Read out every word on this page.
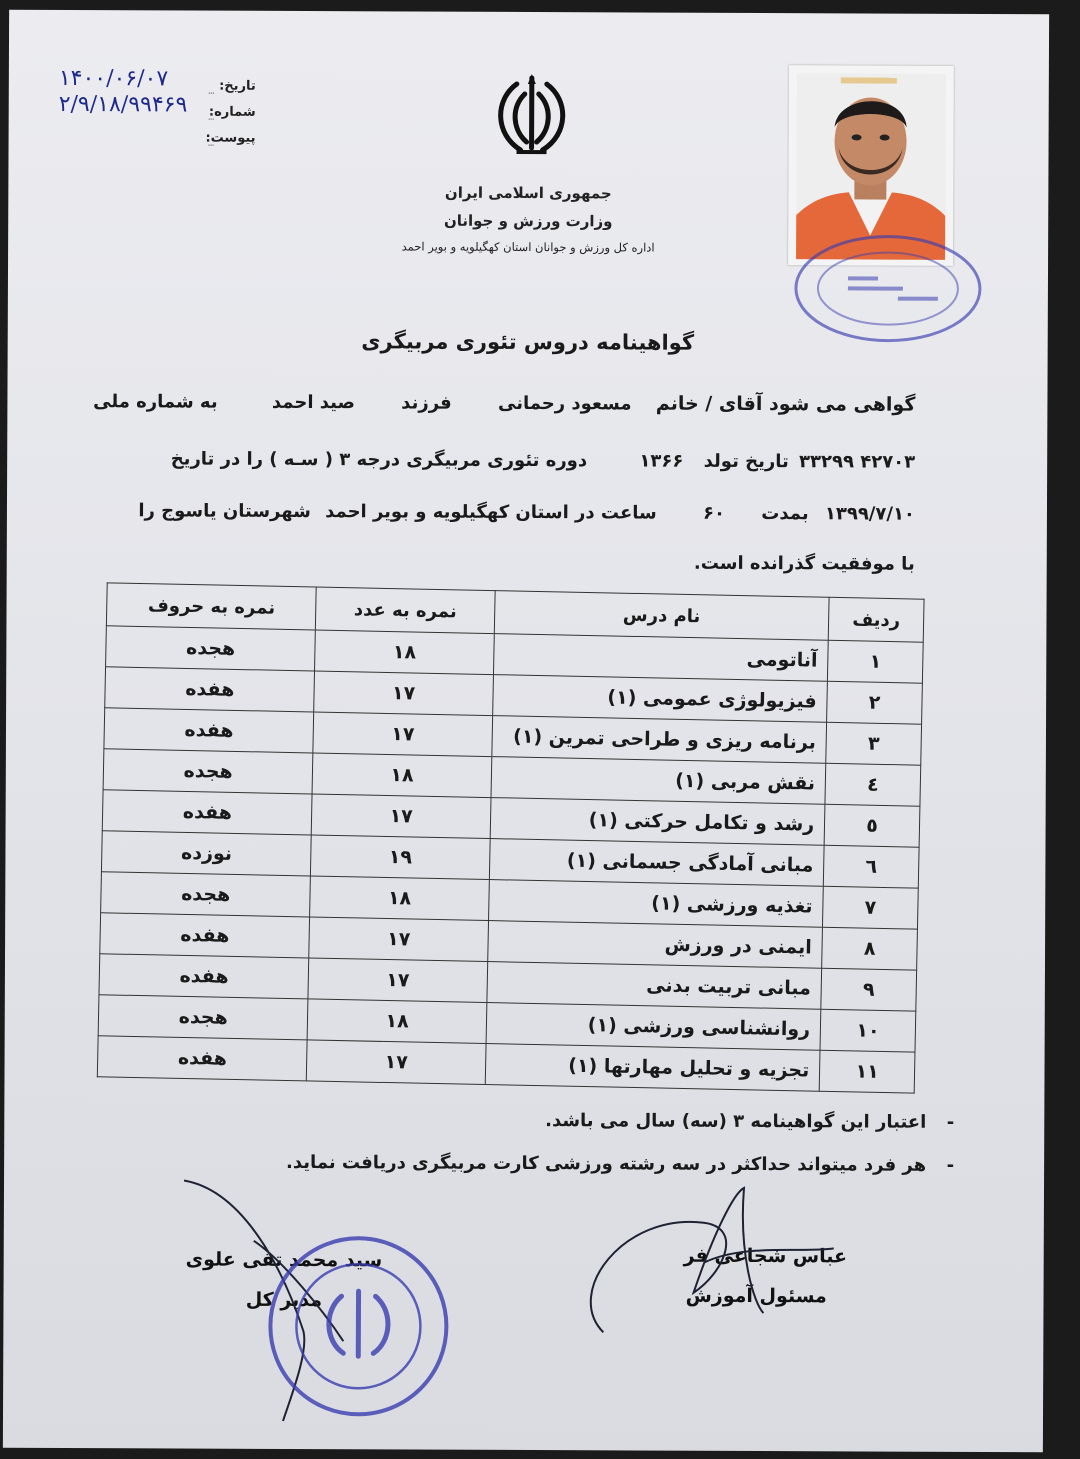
تاریخ:
۱۴۰۰/۰۶/۰۷
شماره:
۲/۹/۱۸/۹۹۴۶۹
پیوست:
جمهوری اسلامی ایران
وزارت ورزش و جوانان
اداره کل ورزش و جوانان استان کهگیلویه و بویر احمد
گواهینامه دروس تئوری مربیگری
گواهی می شود آقای / خانم مسعود رحمانی فرزند صید احمد به شماره ملی
۴۲۷۰۳ ۳۳۲۹۹ تاریخ تولد ۱۳۶۶ دوره تئوری مربیگری درجه ۳ ( سـه ) را در تاریخ
۱۳۹۹/۷/۱۰ بمدت ۶۰ ساعت در استان کهگیلویه و بویر احمد شهرستان یاسوج را
با موفقیت گذرانده است.
ردیف	نام درس	نمره به عدد	نمره به حروف
۱	آناتومی	۱۸	هجده
۲	فیزیولوژی عمومی (۱)	۱۷	هفده
۳	برنامه ریزی و طراحی تمرین (۱)	۱۷	هفده
٤	نقش مربی (۱)	۱۸	هجده
٥	رشد و تکامل حرکتی (۱)	۱۷	هفده
٦	مبانی آمادگی جسمانی (۱)	۱۹	نوزده
۷	تغذیه ورزشی (۱)	۱۸	هجده
۸	ایمنی در ورزش	۱۷	هفده
۹	مبانی تربیت بدنی	۱۷	هفده
۱۰	روانشناسی ورزشی (۱)	۱۸	هجده
۱۱	تجزیه و تحلیل مهارتها (۱)	۱۷	هفده
-اعتبار این گواهینامه ۳ (سه) سال می باشد.
-هر فرد میتواند حداکثر در سه رشته ورزشی کارت مربیگری دریافت نماید.
عباس شجاعی فر
مسئول آموزش
سید محمد تقی علوی
مدیر کل
